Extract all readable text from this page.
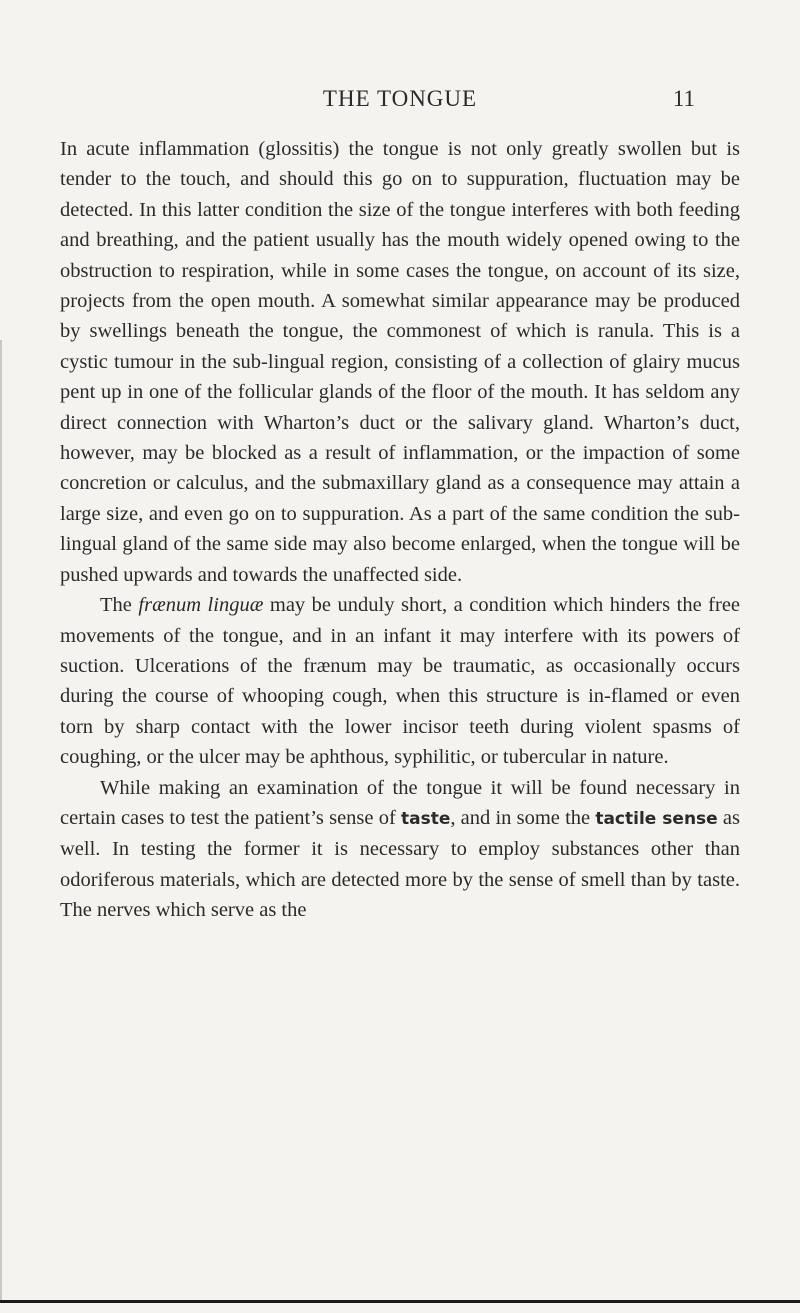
THE TONGUE	11

In acute inflammation (glossitis) the tongue is not only greatly swollen but is tender to the touch, and should this go on to suppuration, fluctuation may be detected. In this latter condition the size of the tongue interferes with both feeding and breathing, and the patient usually has the mouth widely opened owing to the obstruction to respiration, while in some cases the tongue, on account of its size, projects from the open mouth. A somewhat similar appearance may be produced by swellings beneath the tongue, the commonest of which is ranula. This is a cystic tumour in the sub-lingual region, consisting of a collection of glairy mucus pent up in one of the follicular glands of the floor of the mouth. It has seldom any direct connection with Wharton’s duct or the salivary gland. Wharton’s duct, however, may be blocked as a result of inflammation, or the impaction of some concretion or calculus, and the submaxillary gland as a consequence may attain a large size, and even go on to suppuration. As a part of the same condition the sub-lingual gland of the same side may also become enlarged, when the tongue will be pushed upwards and towards the unaffected side.

The frænum linguæ may be unduly short, a condition which hinders the free movements of the tongue, and in an infant it may interfere with its powers of suction. Ulcerations of the frænum may be traumatic, as occasionally occurs during the course of whooping cough, when this structure is in-flamed or even torn by sharp contact with the lower incisor teeth during violent spasms of coughing, or the ulcer may be aphthous, syphilitic, or tubercular in nature.

While making an examination of the tongue it will be found necessary in certain cases to test the patient’s sense of taste, and in some the tactile sense as well. In testing the former it is necessary to employ substances other than odoriferous materials, which are detected more by the sense of smell than by taste. The nerves which serve as the
